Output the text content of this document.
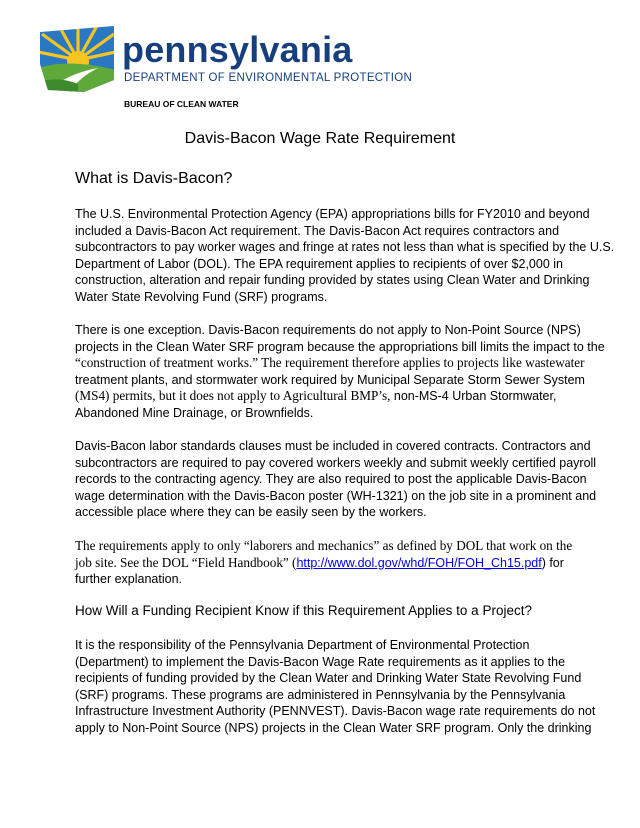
pennsylvania
DEPARTMENT OF ENVIRONMENTAL PROTECTION
BUREAU OF CLEAN WATER
Davis-Bacon Wage Rate Requirement
What is Davis-Bacon?
The U.S. Environmental Protection Agency (EPA) appropriations bills for FY2010 and beyond
included a Davis-Bacon Act requirement. The Davis-Bacon Act requires contractors and
subcontractors to pay worker wages and fringe at rates not less than what is specified by the U.S.
Department of Labor (DOL). The EPA requirement applies to recipients of over $2,000 in
construction, alteration and repair funding provided by states using Clean Water and Drinking
Water State Revolving Fund (SRF) programs.
There is one exception. Davis-Bacon requirements do not apply to Non-Point Source (NPS)
projects in the Clean Water SRF program because the appropriations bill limits the impact to the
“construction of treatment works.” The requirement therefore applies to projects like wastewater
treatment plants, and stormwater work required by Municipal Separate Storm Sewer System
(MS4) permits, but it does not apply to Agricultural BMP’s, non-MS-4 Urban Stormwater,
Abandoned Mine Drainage, or Brownfields.
Davis-Bacon labor standards clauses must be included in covered contracts. Contractors and
subcontractors are required to pay covered workers weekly and submit weekly certified payroll
records to the contracting agency. They are also required to post the applicable Davis-Bacon
wage determination with the Davis-Bacon poster (WH-1321) on the job site in a prominent and
accessible place where they can be easily seen by the workers.
The requirements apply to only “laborers and mechanics” as defined by DOL that work on the
job site. See the DOL “Field Handbook” (http://www.dol.gov/whd/FOH/FOH_Ch15.pdf) for
further explanation.
How Will a Funding Recipient Know if this Requirement Applies to a Project?
It is the responsibility of the Pennsylvania Department of Environmental Protection
(Department) to implement the Davis-Bacon Wage Rate requirements as it applies to the
recipients of funding provided by the Clean Water and Drinking Water State Revolving Fund
(SRF) programs. These programs are administered in Pennsylvania by the Pennsylvania
Infrastructure Investment Authority (PENNVEST). Davis-Bacon wage rate requirements do not
apply to Non-Point Source (NPS) projects in the Clean Water SRF program. Only the drinking
